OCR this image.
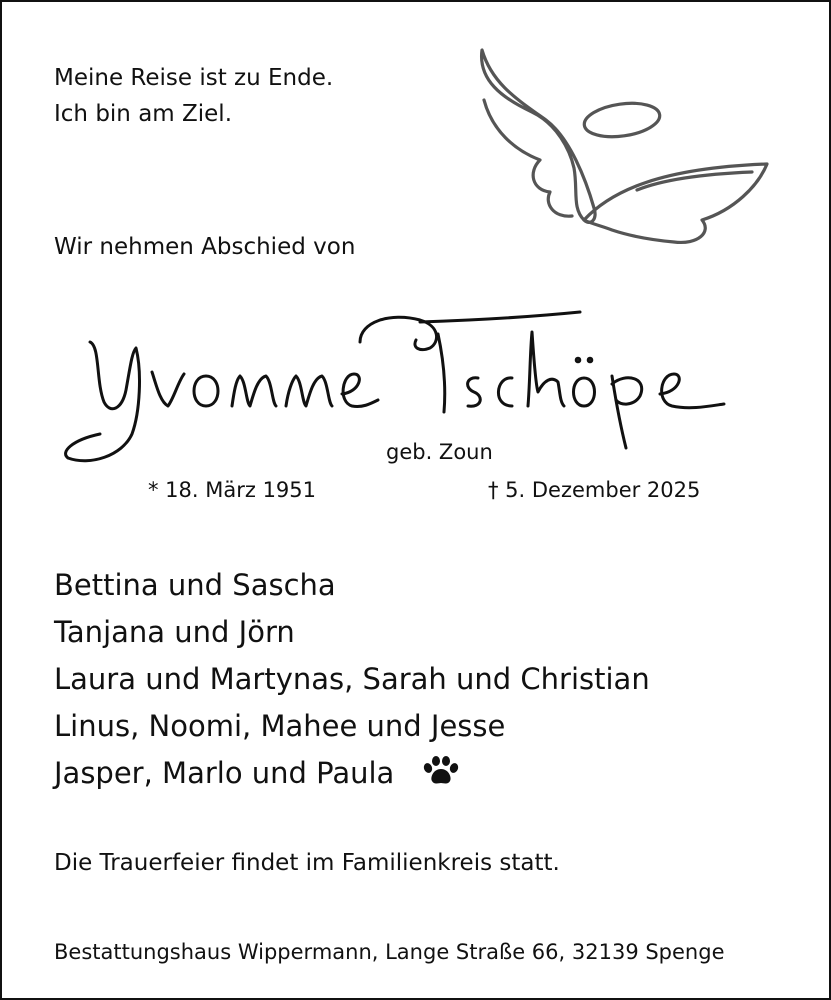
Meine Reise ist zu Ende.
Ich bin am Ziel.
Wir nehmen Abschied von
geb. Zoun
* 18. März 1951	† 5. Dezember 2025
Bettina und Sascha
Tanjana und Jörn
Laura und Martynas, Sarah und Christian
Linus, Noomi, Mahee und Jesse
Jasper, Marlo und Paula
Die Trauerfeier findet im Familienkreis statt.
Bestattungshaus Wippermann, Lange Straße 66, 32139 Spenge
